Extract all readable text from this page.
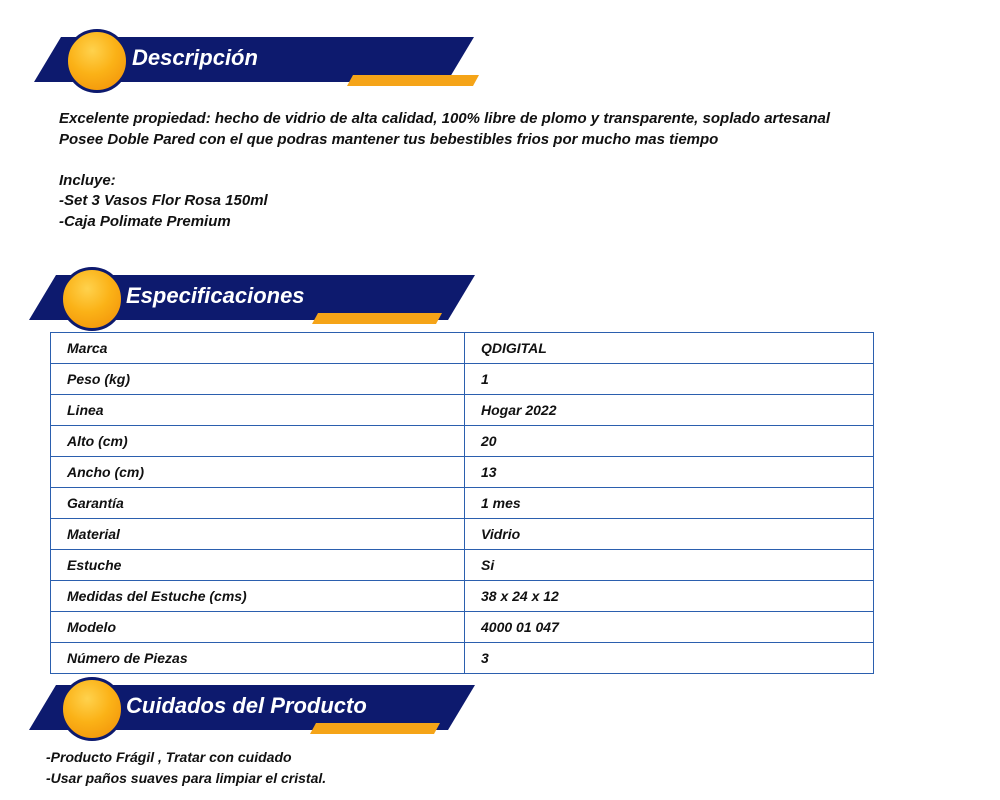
Descripción
Excelente propiedad: hecho de vidrio de alta calidad, 100% libre de plomo y transparente, soplado artesanal
Posee Doble Pared con el que podras mantener tus bebestibles frios por mucho mas tiempo
Incluye:
-Set 3 Vasos Flor Rosa 150ml
-Caja Polimate Premium
Especificaciones
Marca	QDIGITAL
Peso (kg)	1
Linea	Hogar 2022
Alto (cm)	20
Ancho (cm)	13
Garantía	1 mes
Material	Vidrio
Estuche	Si
Medidas del Estuche (cms)	38 x 24 x 12
Modelo	4000 01 047
Número de Piezas	3
Cuidados del Producto
-Producto Frágil , Tratar con cuidado
-Usar paños suaves para limpiar el cristal.
